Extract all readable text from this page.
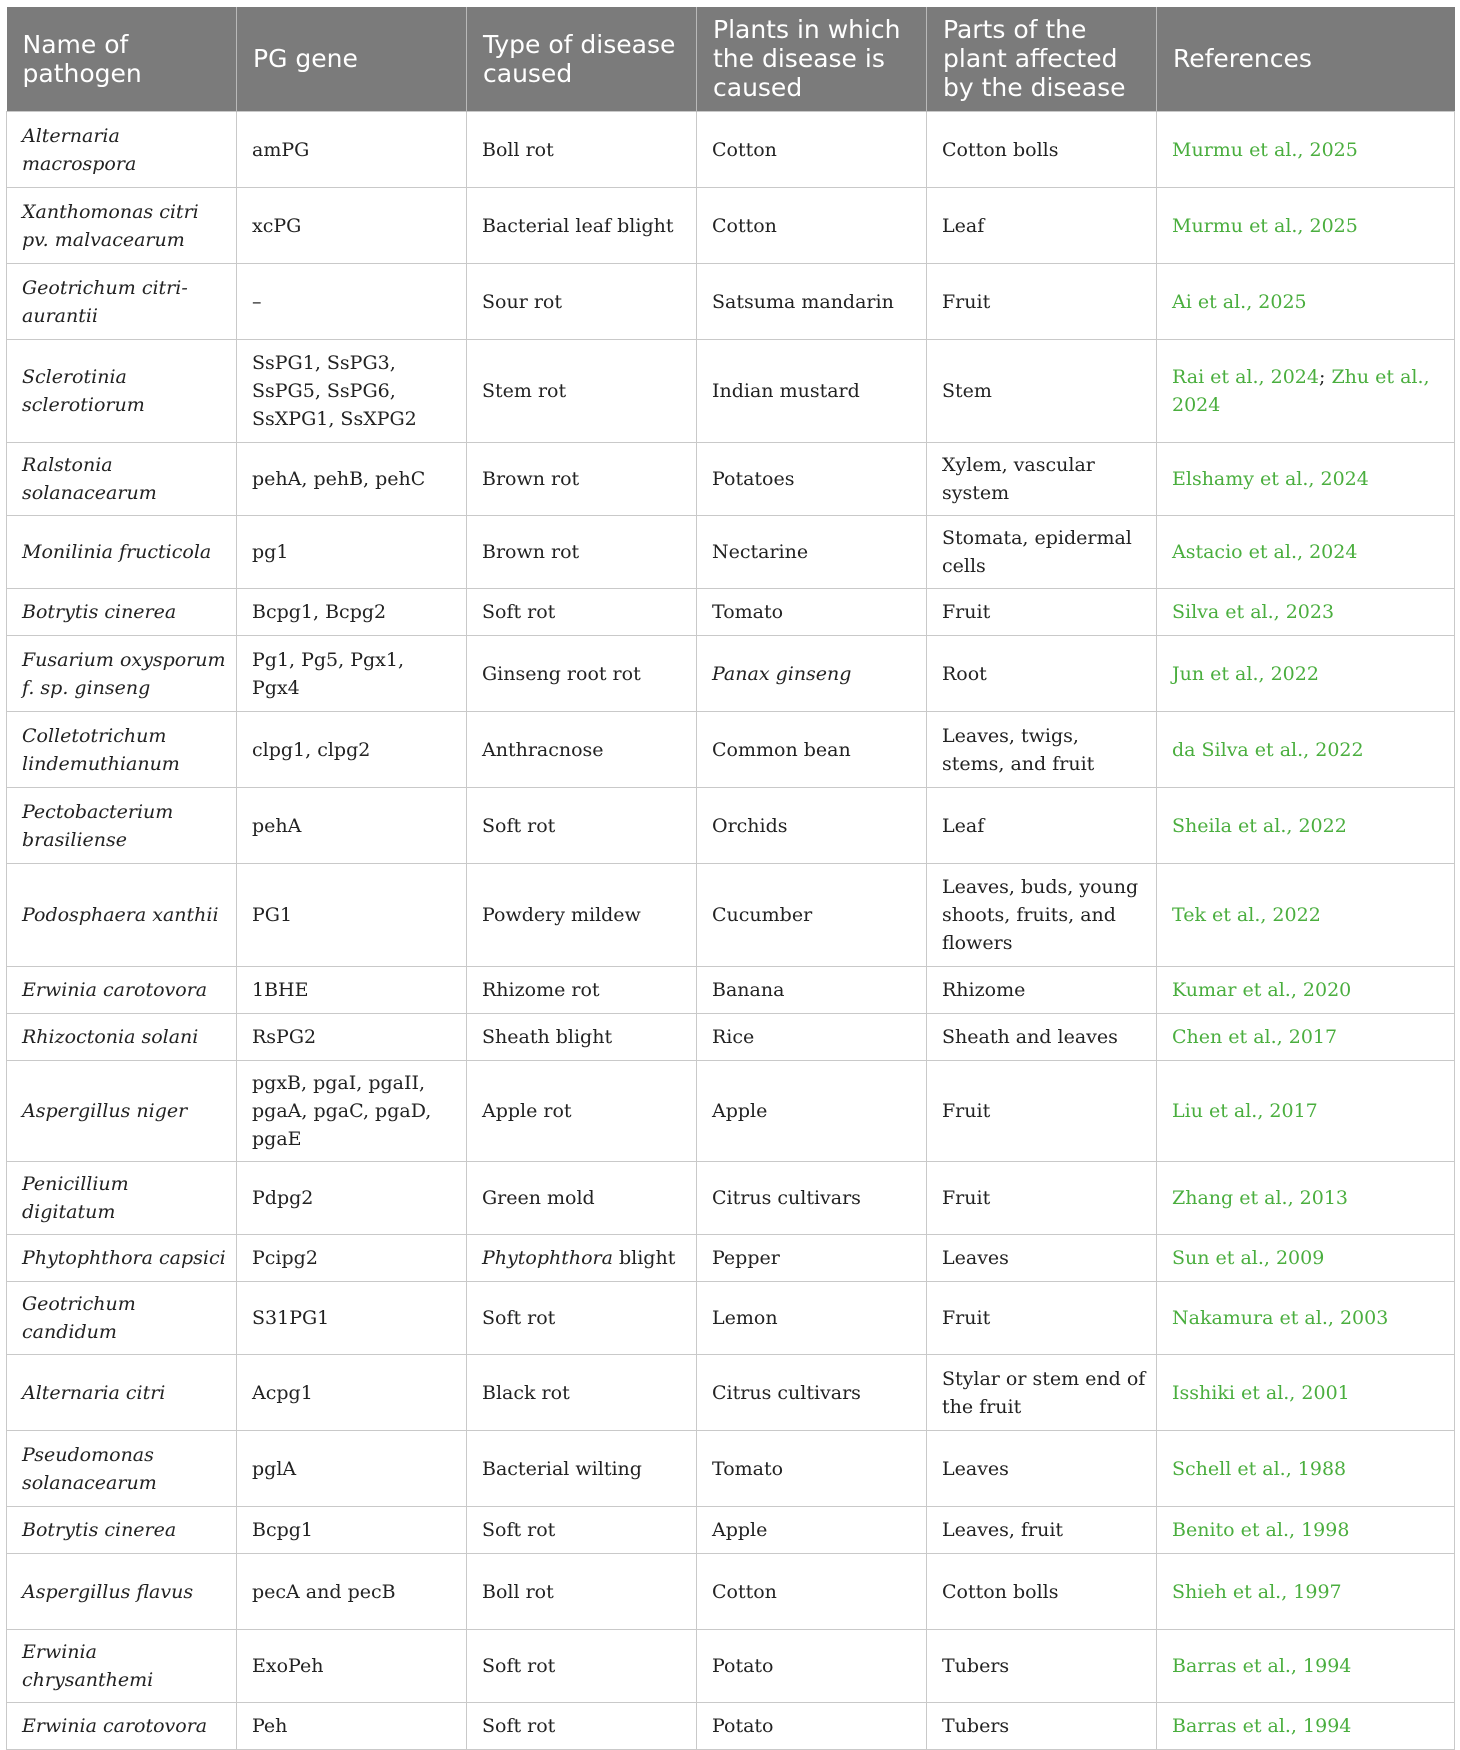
Name of pathogen	PG gene	Type of disease caused	Plants in which the disease is caused	Parts of the plant affected by the disease	References
Alternaria macrospora	amPG	Boll rot	Cotton	Cotton bolls	Murmu et al., 2025
Xanthomonas citri pv. malvacearum	xcPG	Bacterial leaf blight	Cotton	Leaf	Murmu et al., 2025
Geotrichum citri-aurantii	–	Sour rot	Satsuma mandarin	Fruit	Ai et al., 2025
Sclerotinia sclerotiorum	SsPG1, SsPG3, SsPG5, SsPG6, SsXPG1, SsXPG2	Stem rot	Indian mustard	Stem	Rai et al., 2024; Zhu et al., 2024
Ralstonia solanacearum	pehA, pehB, pehC	Brown rot	Potatoes	Xylem, vascular system	Elshamy et al., 2024
Monilinia fructicola	pg1	Brown rot	Nectarine	Stomata, epidermal cells	Astacio et al., 2024
Botrytis cinerea	Bcpg1, Bcpg2	Soft rot	Tomato	Fruit	Silva et al., 2023
Fusarium oxysporum f. sp. ginseng	Pg1, Pg5, Pgx1, Pgx4	Ginseng root rot	Panax ginseng	Root	Jun et al., 2022
Colletotrichum lindemuthianum	clpg1, clpg2	Anthracnose	Common bean	Leaves, twigs, stems, and fruit	da Silva et al., 2022
Pectobacterium brasiliense	pehA	Soft rot	Orchids	Leaf	Sheila et al., 2022
Podosphaera xanthii	PG1	Powdery mildew	Cucumber	Leaves, buds, young shoots, fruits, and flowers	Tek et al., 2022
Erwinia carotovora	1BHE	Rhizome rot	Banana	Rhizome	Kumar et al., 2020
Rhizoctonia solani	RsPG2	Sheath blight	Rice	Sheath and leaves	Chen et al., 2017
Aspergillus niger	pgxB, pgaI, pgaII, pgaA, pgaC, pgaD, pgaE	Apple rot	Apple	Fruit	Liu et al., 2017
Penicillium digitatum	Pdpg2	Green mold	Citrus cultivars	Fruit	Zhang et al., 2013
Phytophthora capsici	Pcipg2	Phytophthora blight	Pepper	Leaves	Sun et al., 2009
Geotrichum candidum	S31PG1	Soft rot	Lemon	Fruit	Nakamura et al., 2003
Alternaria citri	Acpg1	Black rot	Citrus cultivars	Stylar or stem end of the fruit	Isshiki et al., 2001
Pseudomonas solanacearum	pglA	Bacterial wilting	Tomato	Leaves	Schell et al., 1988
Botrytis cinerea	Bcpg1	Soft rot	Apple	Leaves, fruit	Benito et al., 1998
Aspergillus flavus	pecA and pecB	Boll rot	Cotton	Cotton bolls	Shieh et al., 1997
Erwinia chrysanthemi	ExoPeh	Soft rot	Potato	Tubers	Barras et al., 1994
Erwinia carotovora	Peh	Soft rot	Potato	Tubers	Barras et al., 1994
